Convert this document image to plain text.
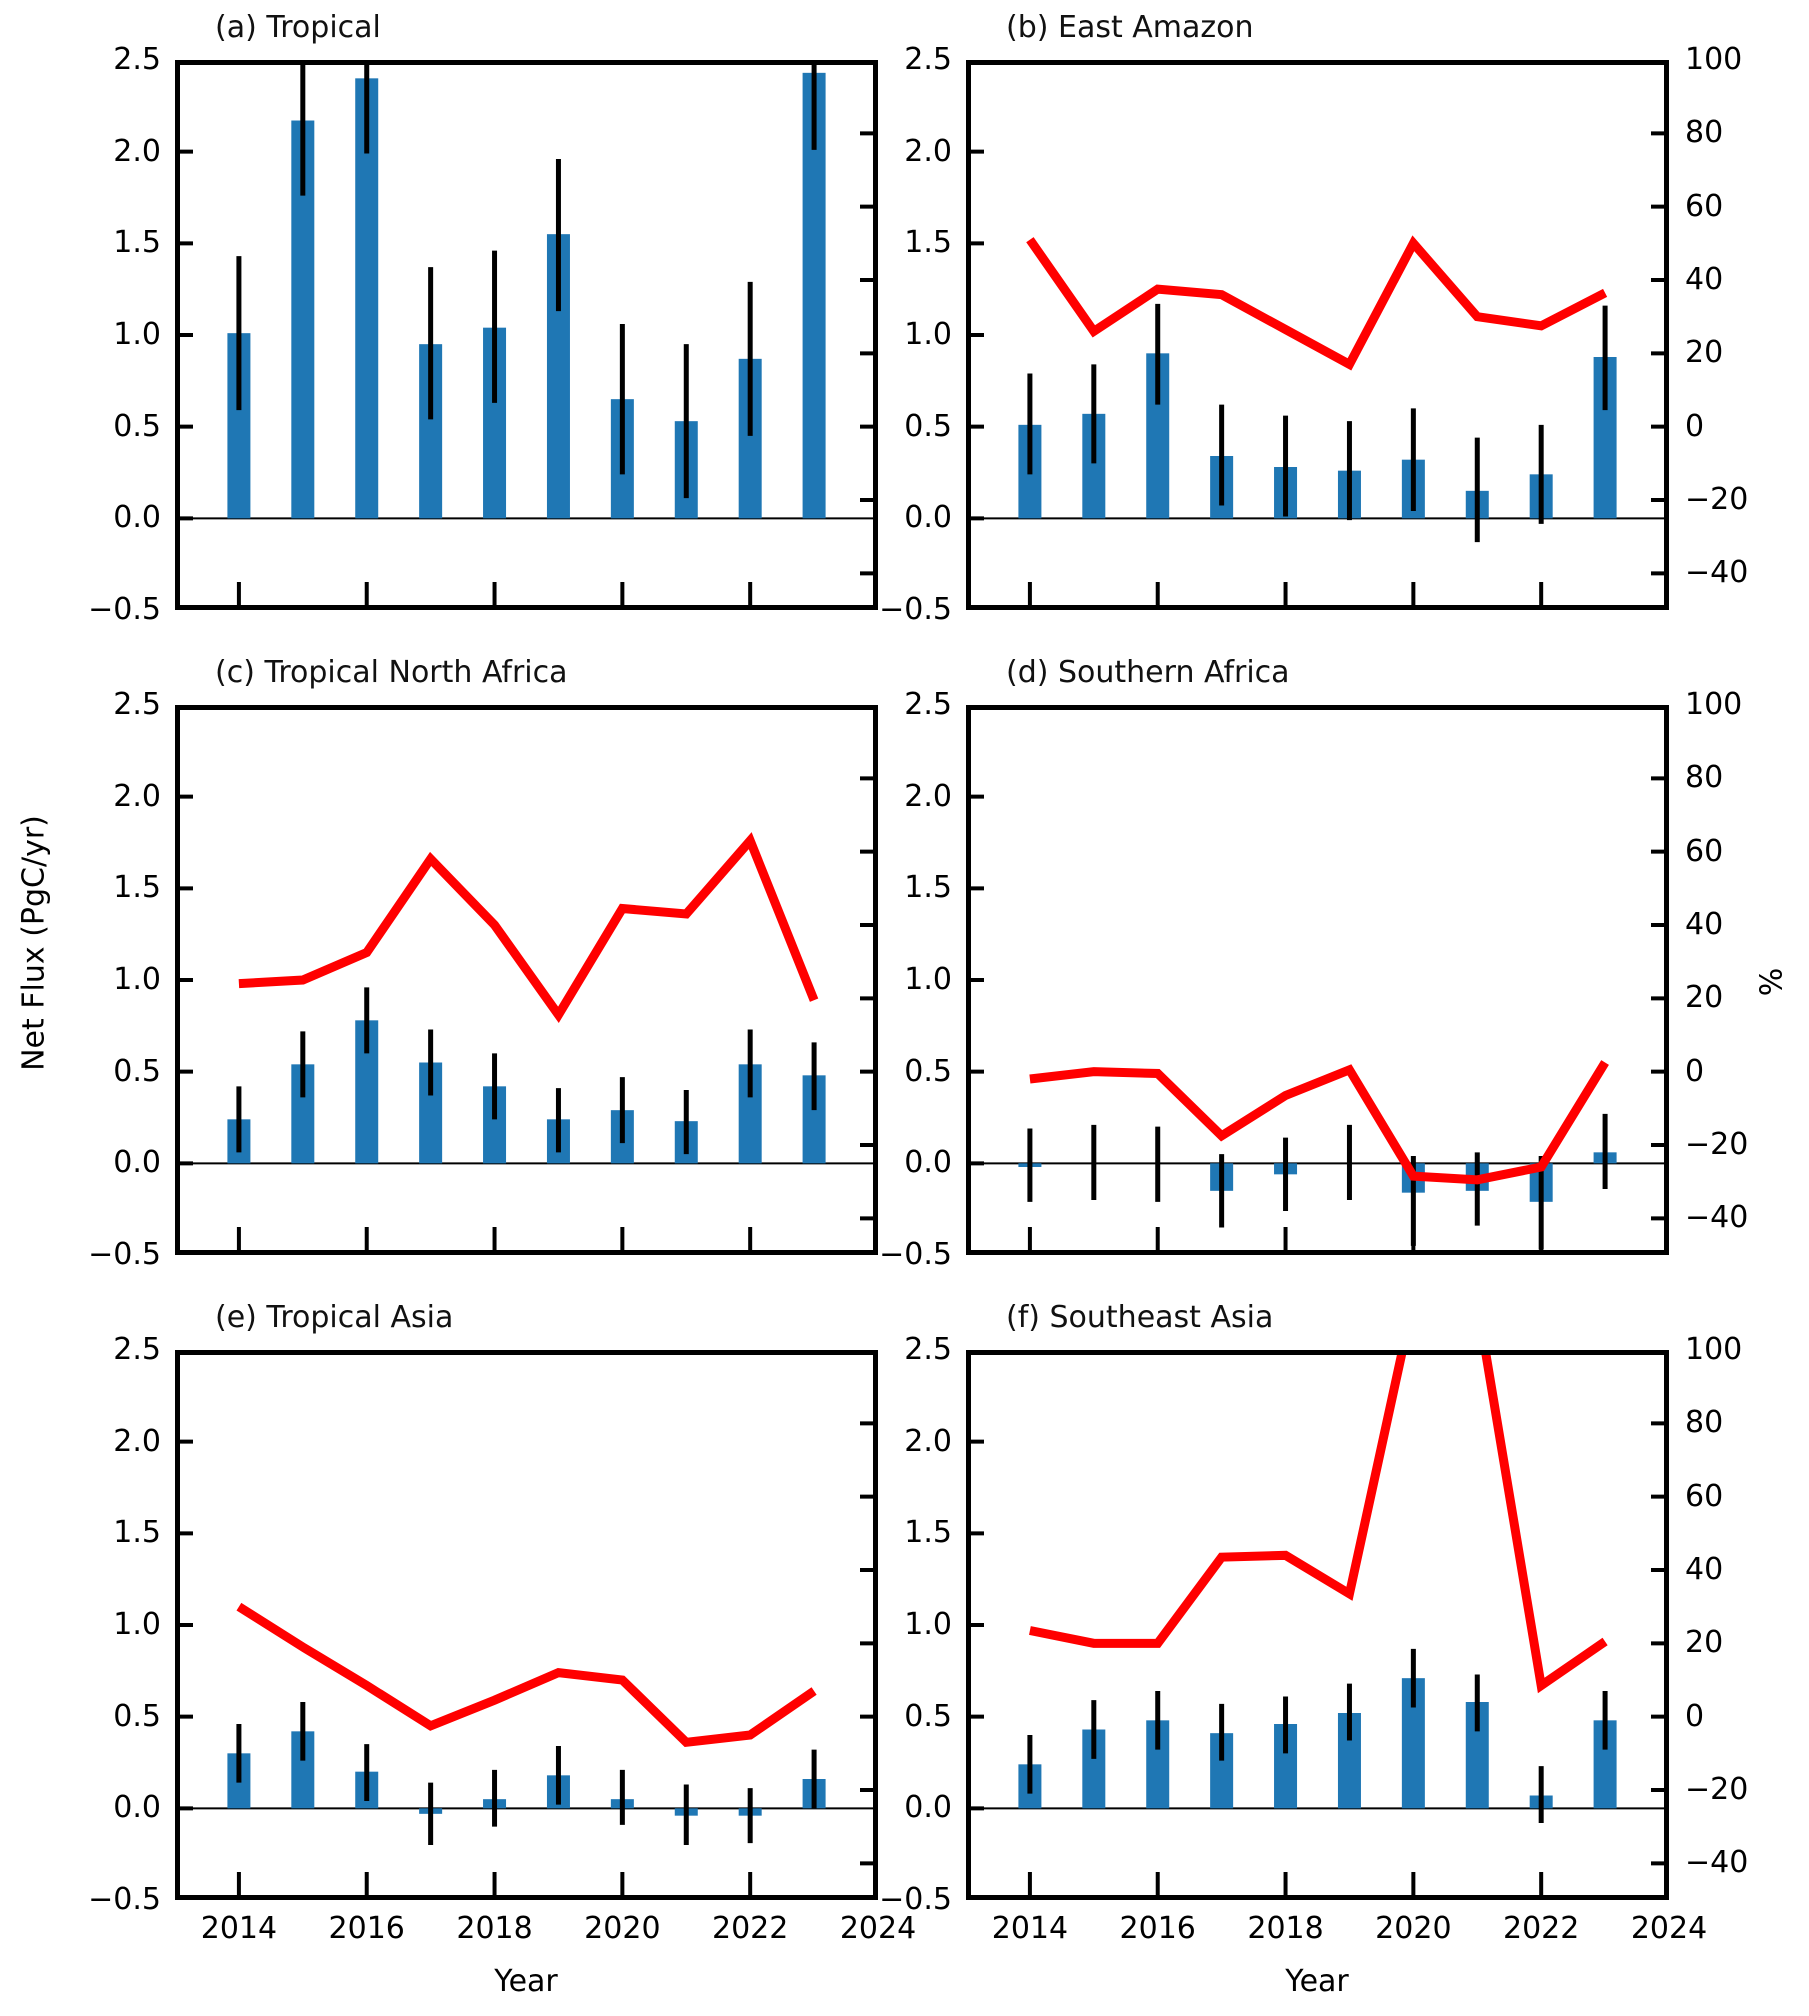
Net Flux (PgC/yr)	%
(a) Tropical
2.5
2.0
1.5
1.0
0.5
0.0
−0.5
(b) East Amazon
2.5
2.0
1.5
1.0
0.5
0.0
−0.5
100
80
60
40
20
0
−20
−40
(c) Tropical North Africa
2.5
2.0
1.5
1.0
0.5
0.0
−0.5
(d) Southern Africa
2.5
2.0
1.5
1.0
0.5
0.0
−0.5
100
80
60
40
20
0
−20
−40
(e) Tropical Asia
Year
2.5
2.0
1.5
1.0
0.5
0.0
−0.5
2014 2016 2018 2020 2022 2024
(f) Southeast Asia
Year
2.5
2.0
1.5
1.0
0.5
0.0
−0.5
100
80
60
40
20
0
−20
−40
2014 2016 2018 2020 2022 2024
